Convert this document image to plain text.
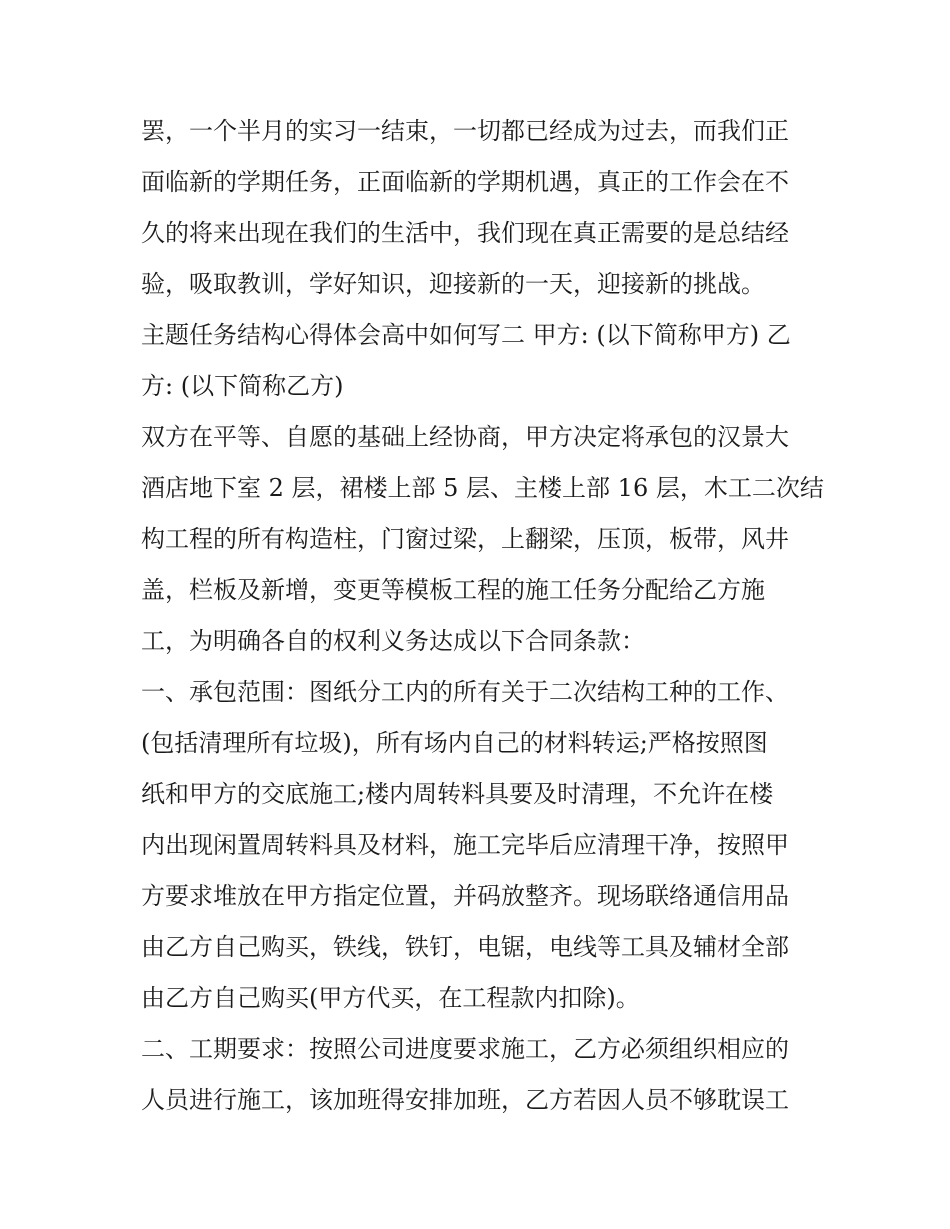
罢，一个半月的实习一结束，一切都已经成为过去，而我们正
面临新的学期任务，正面临新的学期机遇，真正的工作会在不
久的将来出现在我们的生活中，我们现在真正需要的是总结经
验，吸取教训，学好知识，迎接新的一天，迎接新的挑战。
主题任务结构心得体会高中如何写二 甲方: (以下简称甲方) 乙
方: (以下简称乙方)
双方在平等、自愿的基础上经协商，甲方决定将承包的汉景大
酒店地下室 2 层，裙楼上部 5 层、主楼上部 16 层，木工二次结
构工程的所有构造柱，门窗过梁，上翻梁，压顶，板带，风井
盖，栏板及新增，变更等模板工程的施工任务分配给乙方施
工，为明确各自的权利义务达成以下合同条款：
一、承包范围：图纸分工内的所有关于二次结构工种的工作、
(包括清理所有垃圾)，所有场内自己的材料转运;严格按照图
纸和甲方的交底施工;楼内周转料具要及时清理，不允许在楼
内出现闲置周转料具及材料，施工完毕后应清理干净，按照甲
方要求堆放在甲方指定位置，并码放整齐。现场联络通信用品
由乙方自己购买，铁线，铁钉，电锯，电线等工具及辅材全部
由乙方自己购买(甲方代买，在工程款内扣除)。
二、工期要求：按照公司进度要求施工，乙方必须组织相应的
人员进行施工，该加班得安排加班，乙方若因人员不够耽误工
